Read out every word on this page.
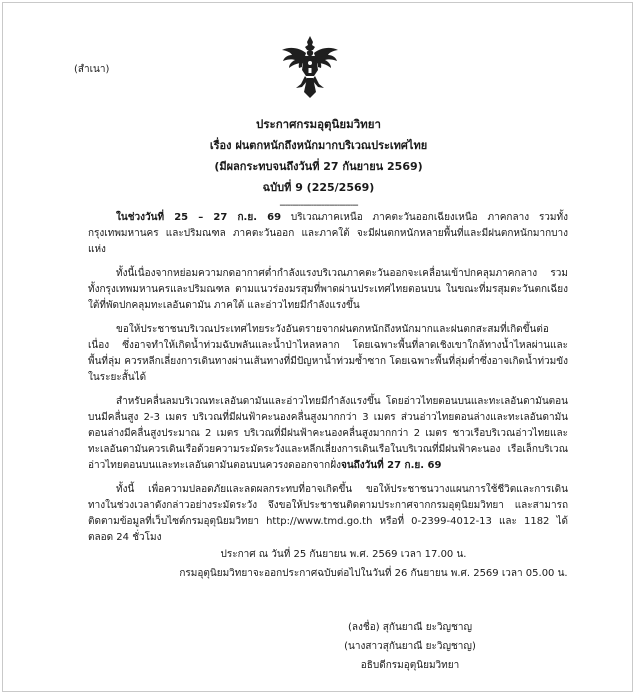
(สำเนา)
ประกาศกรมอุตุนิยมวิทยา
เรื่อง ฝนตกหนักถึงหนักมากบริเวณประเทศไทย
(มีผลกระทบจนถึงวันที่ 27 กันยายน 2569)
ฉบับที่ 9 (225/2569)
------------------------------

ในช่วงวันที่ 25 – 27 ก.ย. 69 บริเวณภาคเหนือ ภาคตะวันออกเฉียงเหนือ ภาคกลาง รวมทั้งกรุงเทพมหานคร และปริมณฑล ภาคตะวันออก และภาคใต้ จะมีฝนตกหนักหลายพื้นที่และมีฝนตกหนักมากบางแห่ง

ทั้งนี้เนื่องจากหย่อมความกดอากาศต่ำกำลังแรงบริเวณภาคตะวันออกจะเคลื่อนเข้าปกคลุมภาคกลาง รวมทั้งกรุงเทพมหานครและปริมณฑล ตามแนวร่องมรสุมที่พาดผ่านประเทศไทยตอนบน ในขณะที่มรสุมตะวันตกเฉียงใต้ที่พัดปกคลุมทะเลอันดามัน ภาคใต้ และอ่าวไทยมีกำลังแรงขึ้น

ขอให้ประชาชนบริเวณประเทศไทยระวังอันตรายจากฝนตกหนักถึงหนักมากและฝนตกสะสมที่เกิดขึ้นต่อเนื่อง ซึ่งอาจทำให้เกิดน้ำท่วมฉับพลันและน้ำป่าไหลหลาก โดยเฉพาะพื้นที่ลาดเชิงเขาใกล้ทางน้ำไหลผ่านและพื้นที่ลุ่ม ควรหลีกเลี่ยงการเดินทางผ่านเส้นทางที่มีปัญหาน้ำท่วมซ้ำซาก โดยเฉพาะพื้นที่ลุ่มต่ำซึ่งอาจเกิดน้ำท่วมขังในระยะสั้นได้

สำหรับคลื่นลมบริเวณทะเลอันดามันและอ่าวไทยมีกำลังแรงขึ้น โดยอ่าวไทยตอนบนและทะเลอันดามันตอนบนมีคลื่นสูง 2-3 เมตร บริเวณที่มีฝนฟ้าคะนองคลื่นสูงมากกว่า 3 เมตร ส่วนอ่าวไทยตอนล่างและทะเลอันดามันตอนล่างมีคลื่นสูงประมาณ 2 เมตร บริเวณที่มีฝนฟ้าคะนองคลื่นสูงมากกว่า 2 เมตร ชาวเรือบริเวณอ่าวไทยและทะเลอันดามันควรเดินเรือด้วยความระมัดระวังและหลีกเลี่ยงการเดินเรือในบริเวณที่มีฝนฟ้าคะนอง เรือเล็กบริเวณอ่าวไทยตอนบนและทะเลอันดามันตอนบนควรงดออกจากฝั่งจนถึงวันที่ 27 ก.ย. 69

ทั้งนี้ เพื่อความปลอดภัยและลดผลกระทบที่อาจเกิดขึ้น ขอให้ประชาชนวางแผนการใช้ชีวิตและการเดินทางในช่วงเวลาดังกล่าวอย่างระมัดระวัง จึงขอให้ประชาชนติดตามประกาศจากกรมอุตุนิยมวิทยา และสามารถติดตามข้อมูลที่เว็บไซต์กรมอุตุนิยมวิทยา http://www.tmd.go.th หรือที่ 0-2399-4012-13 และ 1182 ได้ตลอด 24 ชั่วโมง

ประกาศ ณ วันที่ 25 กันยายน พ.ศ. 2569 เวลา 17.00 น.
กรมอุตุนิยมวิทยาจะออกประกาศฉบับต่อไปในวันที่ 26 กันยายน พ.ศ. 2569 เวลา 05.00 น.
(ลงชื่อ) สุกันยาณี ยะวิญชาญ
(นางสาวสุกันยาณี ยะวิญชาญ)
อธิบดีกรมอุตุนิยมวิทยา
